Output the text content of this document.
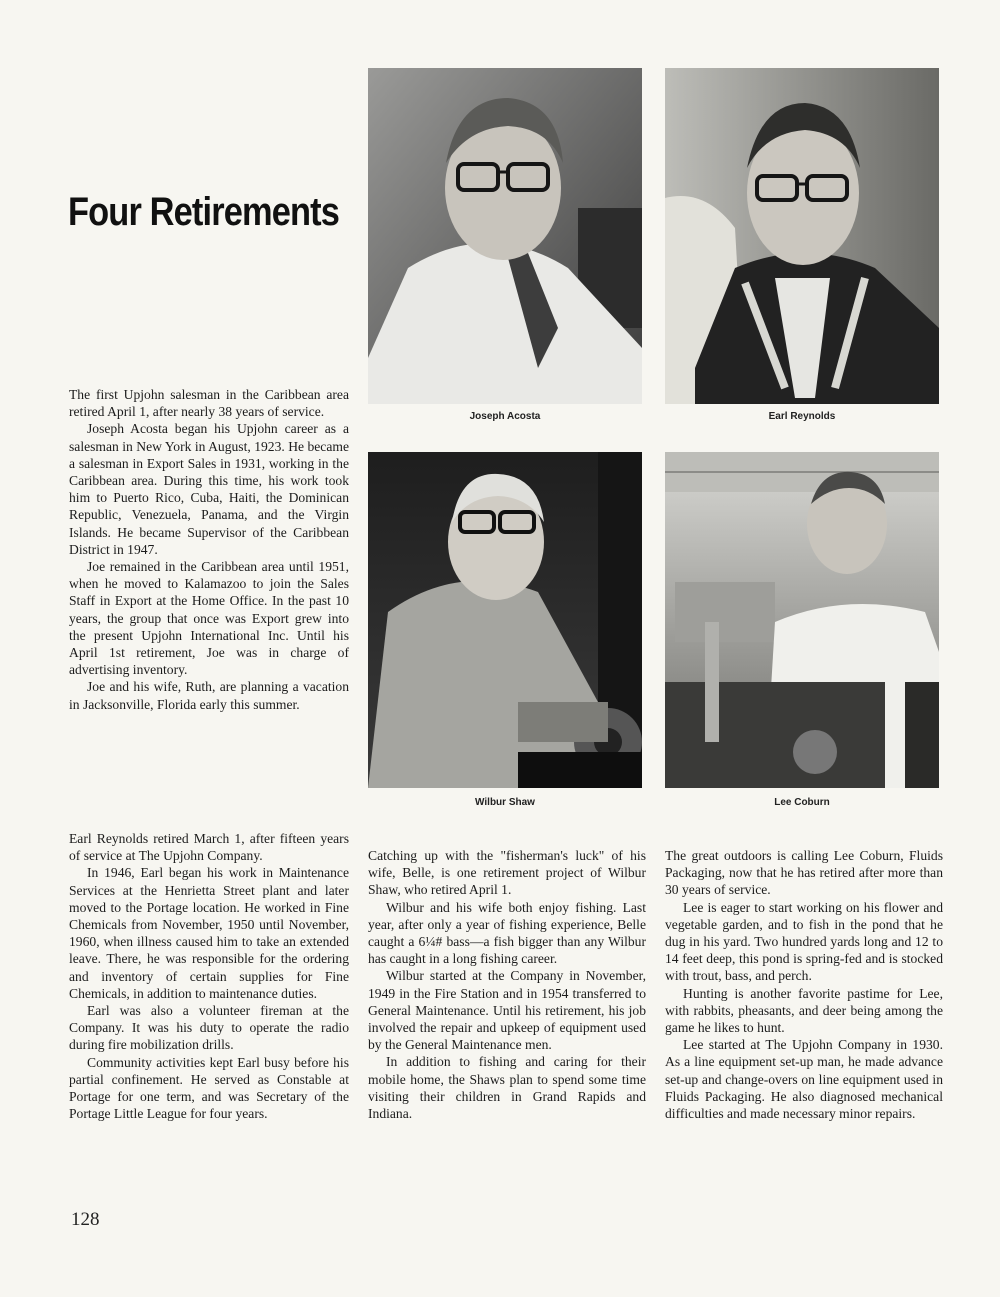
Four Retirements
Joseph Acosta	Earl Reynolds
Wilbur Shaw	Lee Coburn

The first Upjohn salesman in the Caribbean area retired April 1, after nearly 38 years of service.

Joseph Acosta began his Upjohn career as a salesman in New York in August, 1923. He became a salesman in Export Sales in 1931, working in the Caribbean area. During this time, his work took him to Puerto Rico, Cuba, Haiti, the Dominican Republic, Venezuela, Panama, and the Virgin Islands. He became Supervisor of the Caribbean District in 1947.

Joe remained in the Caribbean area until 1951, when he moved to Kalamazoo to join the Sales Staff in Export at the Home Office. In the past 10 years, the group that once was Export grew into the present Upjohn International Inc. Until his April 1st retirement, Joe was in charge of advertising inventory.

Joe and his wife, Ruth, are planning a vacation in Jacksonville, Florida early this summer.

Earl Reynolds retired March 1, after fifteen years of service at The Upjohn Company.

In 1946, Earl began his work in Maintenance Services at the Henrietta Street plant and later moved to the Portage location. He worked in Fine Chemicals from November, 1950 until November, 1960, when illness caused him to take an extended leave. There, he was responsible for the ordering and inventory of certain supplies for Fine Chemicals, in addition to maintenance duties.

Earl was also a volunteer fireman at the Company. It was his duty to operate the radio during fire mobilization drills.

Community activities kept Earl busy before his partial confinement. He served as Constable at Portage for one term, and was Secretary of the Portage Little League for four years.

Catching up with the "fisherman's luck" of his wife, Belle, is one retirement project of Wilbur Shaw, who retired April 1.

Wilbur and his wife both enjoy fishing. Last year, after only a year of fishing experience, Belle caught a 6¼# bass—a fish bigger than any Wilbur has caught in a long fishing career.

Wilbur started at the Company in November, 1949 in the Fire Station and in 1954 transferred to General Maintenance. Until his retirement, his job involved the repair and upkeep of equipment used by the General Maintenance men.

In addition to fishing and caring for their mobile home, the Shaws plan to spend some time visiting their children in Grand Rapids and Indiana.

The great outdoors is calling Lee Coburn, Fluids Packaging, now that he has retired after more than 30 years of service.

Lee is eager to start working on his flower and vegetable garden, and to fish in the pond that he dug in his yard. Two hundred yards long and 12 to 14 feet deep, this pond is spring-fed and is stocked with trout, bass, and perch.

Hunting is another favorite pastime for Lee, with rabbits, pheasants, and deer being among the game he likes to hunt.

Lee started at The Upjohn Company in 1930. As a line equipment set-up man, he made advance set-up and change-overs on line equipment used in Fluids Packaging. He also diagnosed mechanical difficulties and made necessary minor repairs.

128
